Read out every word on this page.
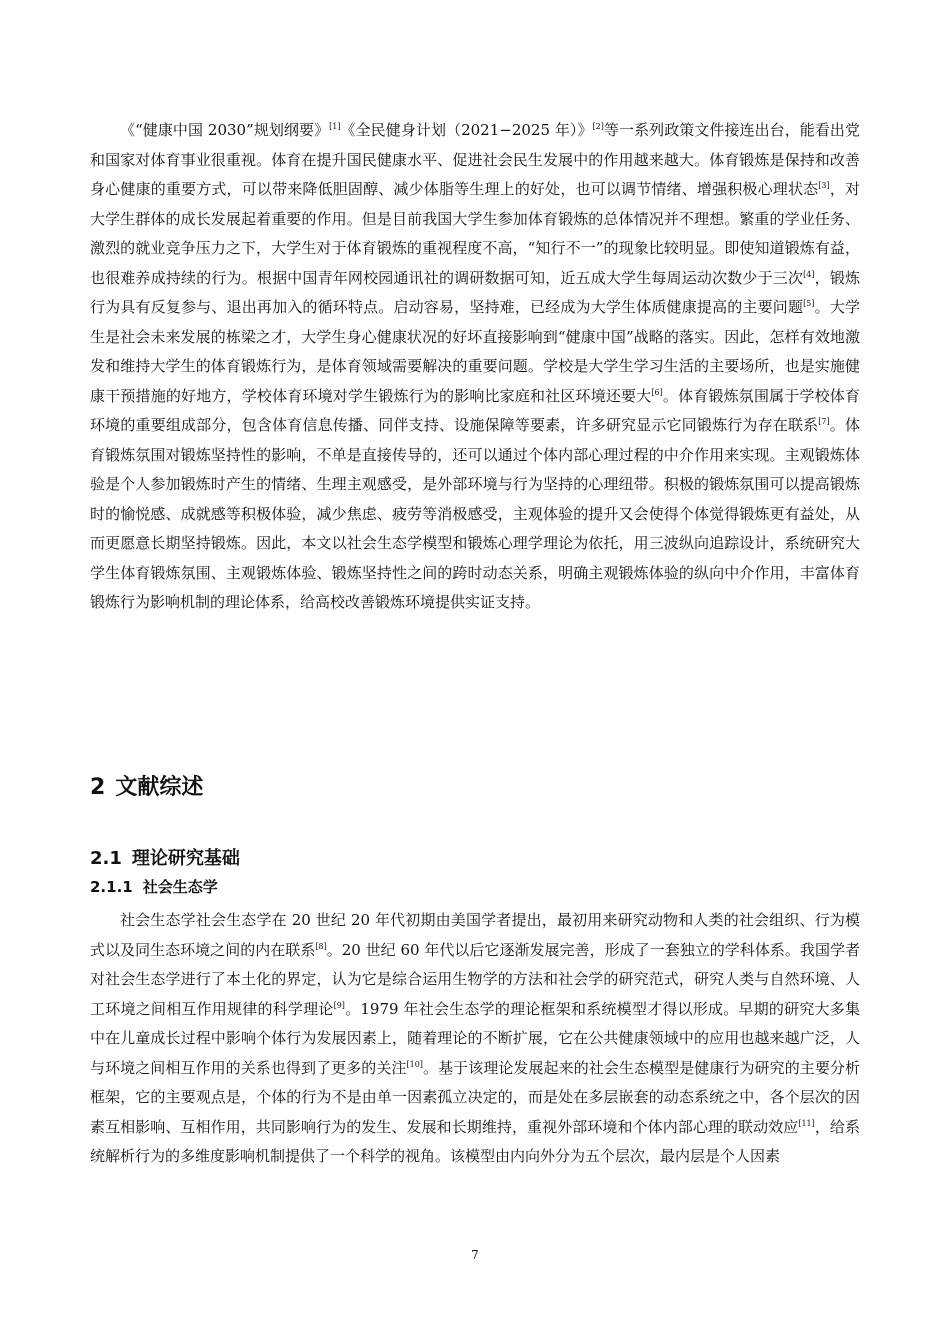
《“健康中国 2030”规划纲要》[1]《全民健身计划（2021−2025 年）》[2]等一系列政策文件接连出台，能看出党和国家对体育事业很重视。体育在提升国民健康水平、促进社会民生发展中的作用越来越大。体育锻炼是保持和改善身心健康的重要方式，可以带来降低胆固醇、减少体脂等生理上的好处，也可以调节情绪、增强积极心理状态[3]，对大学生群体的成长发展起着重要的作用。但是目前我国大学生参加体育锻炼的总体情况并不理想。繁重的学业任务、激烈的就业竞争压力之下，大学生对于体育锻炼的重视程度不高，“知行不一”的现象比较明显。即使知道锻炼有益，也很难养成持续的行为。根据中国青年网校园通讯社的调研数据可知，近五成大学生每周运动次数少于三次[4]，锻炼行为具有反复参与、退出再加入的循环特点。启动容易，坚持难，已经成为大学生体质健康提高的主要问题[5]。大学生是社会未来发展的栋梁之才，大学生身心健康状况的好坏直接影响到“健康中国”战略的落实。因此，怎样有效地激发和维持大学生的体育锻炼行为，是体育领域需要解决的重要问题。学校是大学生学习生活的主要场所，也是实施健康干预措施的好地方，学校体育环境对学生锻炼行为的影响比家庭和社区环境还要大[6]。体育锻炼氛围属于学校体育环境的重要组成部分，包含体育信息传播、同伴支持、设施保障等要素，许多研究显示它同锻炼行为存在联系[7]。体育锻炼氛围对锻炼坚持性的影响，不单是直接传导的，还可以通过个体内部心理过程的中介作用来实现。主观锻炼体验是个人参加锻炼时产生的情绪、生理主观感受，是外部环境与行为坚持的心理纽带。积极的锻炼氛围可以提高锻炼时的愉悦感、成就感等积极体验，减少焦虑、疲劳等消极感受，主观体验的提升又会使得个体觉得锻炼更有益处，从而更愿意长期坚持锻炼。因此，本文以社会生态学模型和锻炼心理学理论为依托，用三波纵向追踪设计，系统研究大学生体育锻炼氛围、主观锻炼体验、锻炼坚持性之间的跨时动态关系，明确主观锻炼体验的纵向中介作用，丰富体育锻炼行为影响机制的理论体系，给高校改善锻炼环境提供实证支持。

2 文献综述
2.1 理论研究基础
2.1.1 社会生态学

社会生态学社会生态学在 20 世纪 20 年代初期由美国学者提出，最初用来研究动物和人类的社会组织、行为模式以及同生态环境之间的内在联系[8]。20 世纪 60 年代以后它逐渐发展完善，形成了一套独立的学科体系。我国学者对社会生态学进行了本土化的界定，认为它是综合运用生物学的方法和社会学的研究范式，研究人类与自然环境、人工环境之间相互作用规律的科学理论[9]。1979 年社会生态学的理论框架和系统模型才得以形成。早期的研究大多集中在儿童成长过程中影响个体行为发展因素上，随着理论的不断扩展，它在公共健康领域中的应用也越来越广泛，人与环境之间相互作用的关系也得到了更多的关注[10]。基于该理论发展起来的社会生态模型是健康行为研究的主要分析框架，它的主要观点是，个体的行为不是由单一因素孤立决定的，而是处在多层嵌套的动态系统之中，各个层次的因素互相影响、互相作用，共同影响行为的发生、发展和长期维持，重视外部环境和个体内部心理的联动效应[11]，给系统解析行为的多维度影响机制提供了一个科学的视角。该模型由内向外分为五个层次，最内层是个人因素

7
